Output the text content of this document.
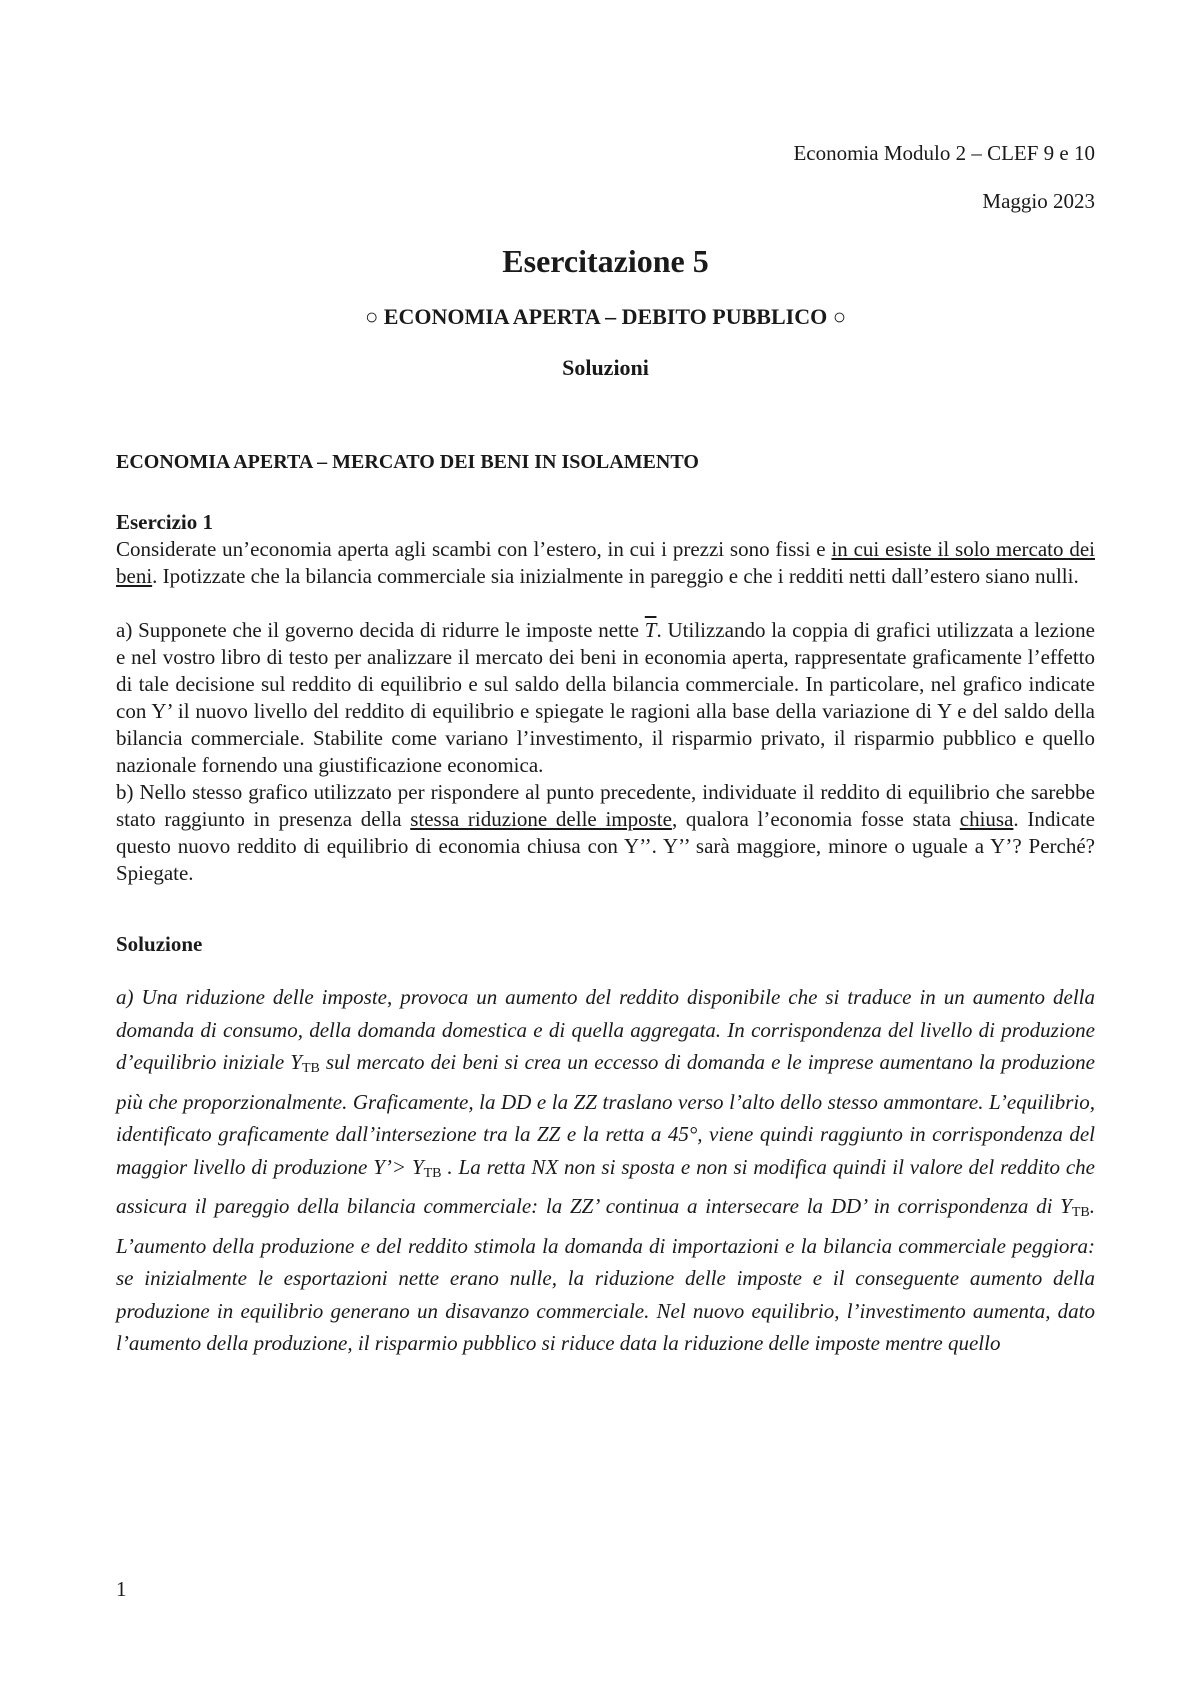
Economia Modulo 2 – CLEF 9 e 10

Maggio 2023

Esercitazione 5
○ ECONOMIA APERTA – DEBITO PUBBLICO ○
Soluzioni
ECONOMIA APERTA – MERCATO DEI BENI IN ISOLAMENTO
Esercizio 1

Considerate un’economia aperta agli scambi con l’estero, in cui i prezzi sono fissi e in cui esiste il solo mercato dei beni. Ipotizzate che la bilancia commerciale sia inizialmente in pareggio e che i redditi netti dall’estero siano nulli.

a) Supponete che il governo decida di ridurre le imposte nette $\overline{T}$. Utilizzando la coppia di grafici utilizzata a lezione e nel vostro libro di testo per analizzare il mercato dei beni in economia aperta, rappresentate graficamente l’effetto di tale decisione sul reddito di equilibrio e sul saldo della bilancia commerciale. In particolare, nel grafico indicate con Y’ il nuovo livello del reddito di equilibrio e spiegate le ragioni alla base della variazione di Y e del saldo della bilancia commerciale. Stabilite come variano l’investimento, il risparmio privato, il risparmio pubblico e quello nazionale fornendo una giustificazione economica.

b) Nello stesso grafico utilizzato per rispondere al punto precedente, individuate il reddito di equilibrio che sarebbe stato raggiunto in presenza della stessa riduzione delle imposte, qualora l’economia fosse stata chiusa. Indicate questo nuovo reddito di equilibrio di economia chiusa con Y’’. Y’’ sarà maggiore, minore o uguale a Y’? Perché? Spiegate.

Soluzione

a) Una riduzione delle imposte, provoca un aumento del reddito disponibile che si traduce in un aumento della domanda di consumo, della domanda domestica e di quella aggregata. In corrispondenza del livello di produzione d’equilibrio iniziale $Y_{TB}$ sul mercato dei beni si crea un eccesso di domanda e le imprese aumentano la produzione più che proporzionalmente. Graficamente, la DD e la ZZ traslano verso l’alto dello stesso ammontare. L’equilibrio, identificato graficamente dall’intersezione tra la ZZ e la retta a 45°, viene quindi raggiunto in corrispondenza del maggior livello di produzione Y’> $Y_{TB}$ . La retta NX non si sposta e non si modifica quindi il valore del reddito che assicura il pareggio della bilancia commerciale: la ZZ’ continua a intersecare la DD’ in corrispondenza di $Y_{TB}$. L’aumento della produzione e del reddito stimola la domanda di importazioni e la bilancia commerciale peggiora: se inizialmente le esportazioni nette erano nulle, la riduzione delle imposte e il conseguente aumento della produzione in equilibrio generano un disavanzo commerciale. Nel nuovo equilibrio, l’investimento aumenta, dato l’aumento della produzione, il risparmio pubblico si riduce data la riduzione delle imposte mentre quello

1
